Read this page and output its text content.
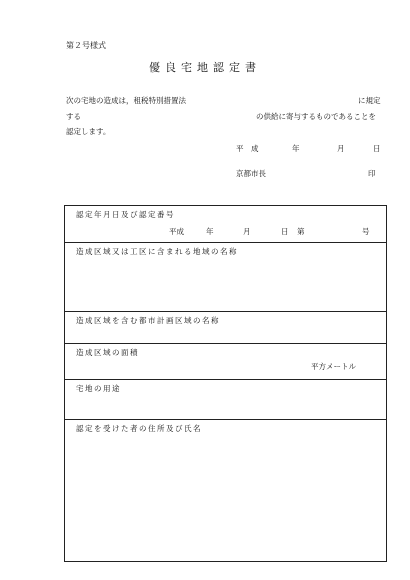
第２号様式
優良宅地認定書
次の宅地の造成は，租税特別措置法	に規定
する	の供給に寄与するものであることを
認定します。
平　成	年	月	日
京都市長	印
認定年月日及び認定番号
平成	年	月	日 第	号
造成区域又は工区に含まれる地域の名称
造成区域を含む都市計画区域の名称
造成区域の面積
平方メートル
宅地の用途
認定を受けた者の住所及び氏名
